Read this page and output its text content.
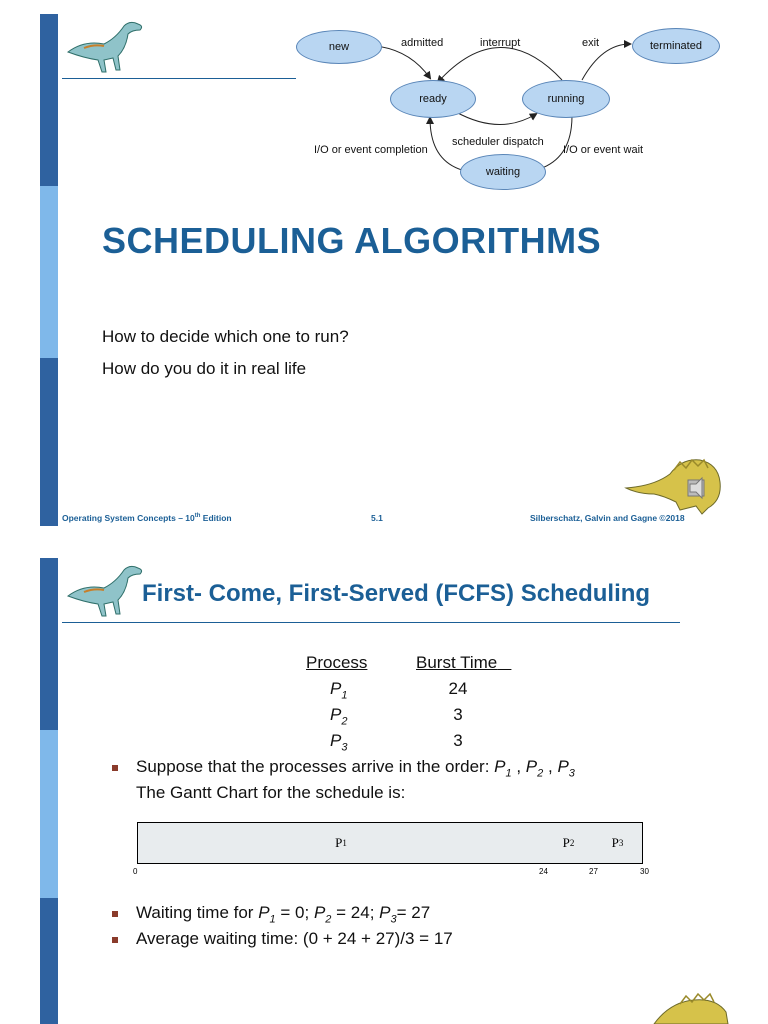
new
ready	running
waiting
terminated
admitted	interrupt	exit
scheduler dispatch
I/O or event completion	I/O or event wait
SCHEDULING ALGORITHMS
How to decide which one to run?
How do you do it in real life
Operating System Concepts – 10th Edition	5.1	Silberschatz, Galvin and Gagne ©2018
First- Come, First-Served (FCFS) Scheduling
Process	Burst Time
$P_1$	24
$P_2$	3
$P_3$	3
Suppose that the processes arrive in the order: $P_1$ , $P_2$ , $P_3$
The Gantt Chart for the schedule is:
P 1	P 2	P 3
0	24	27	30
Waiting time for $P_1 = 0$; $P_2 = 24$; $P_3= 27$
Average waiting time: (0 + 24 + 27)/3 = 17
